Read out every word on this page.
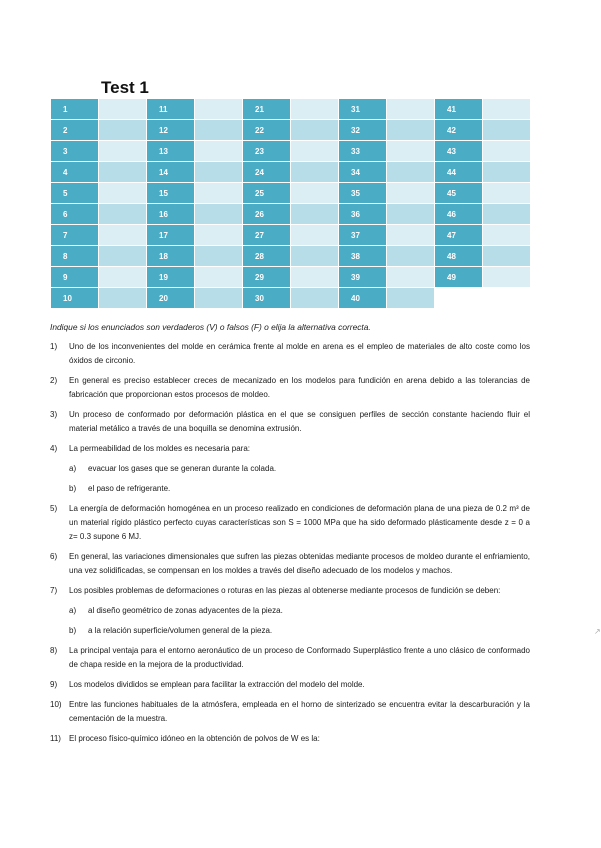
Test 1
1	11	21	31	41
2	12	22	32	42
3	13	23	33	43
4	14	24	34	44
5	15	25	35	45
6	16	26	36	46
7	17	27	37	47
8	18	28	38	48
9	19	29	39	49
10	20	30	40
Indique si los enunciados son verdaderos (V) o falsos (F) o elija la alternativa correcta.
1) Uno de los inconvenientes del molde en cerámica frente al molde en arena es el empleo de materiales de alto coste como los óxidos de circonio.
2) En general es preciso establecer creces de mecanizado en los modelos para fundición en arena debido a las tolerancias de fabricación que proporcionan estos procesos de moldeo.
3) Un proceso de conformado por deformación plástica en el que se consiguen perfiles de sección constante haciendo fluir el material metálico a través de una boquilla se denomina extrusión.
4) La permeabilidad de los moldes es necesaria para:
a) evacuar los gases que se generan durante la colada.
b) el paso de refrigerante.
5) La energía de deformación homogénea en un proceso realizado en condiciones de deformación plana de una pieza de 0.2 m³ de un material rígido plástico perfecto cuyas características son S = 1000 MPa que ha sido deformado plásticamente desde z = 0 a z= 0.3 supone 6 MJ.
6) En general, las variaciones dimensionales que sufren las piezas obtenidas mediante procesos de moldeo durante el enfriamiento, una vez solidificadas, se compensan en los moldes a través del diseño adecuado de los modelos y machos.
7) Los posibles problemas de deformaciones o roturas en las piezas al obtenerse mediante procesos de fundición se deben:
a) al diseño geométrico de zonas adyacentes de la pieza.
b) a la relación superficie/volumen general de la pieza.
8) La principal ventaja para el entorno aeronáutico de un proceso de Conformado Superplástico frente a uno clásico de conformado de chapa reside en la mejora de la productividad.
9) Los modelos divididos se emplean para facilitar la extracción del modelo del molde.
10) Entre las funciones habituales de la atmósfera, empleada en el horno de sinterizado se encuentra evitar la descarburación y la cementación de la muestra.
11) El proceso físico-químico idóneo en la obtención de polvos de W es la:
↗
